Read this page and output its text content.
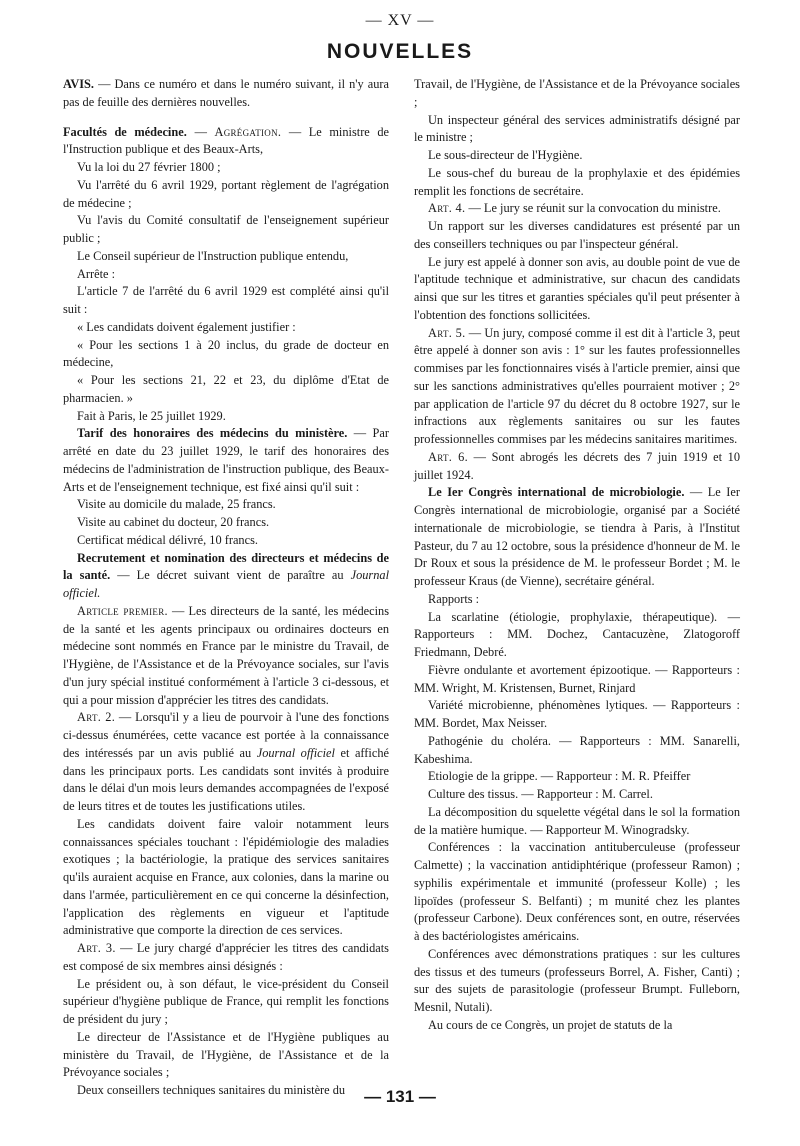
— XV —
NOUVELLES

AVIS. — Dans ce numéro et dans le numéro suivant, il n'y aura pas de feuille des dernières nouvelles.

Facultés de médecine. — Agrégation. — Le ministre de l'Instruction publique et des Beaux-Arts,

Vu la loi du 27 février 1800 ;

Vu l'arrêté du 6 avril 1929, portant règlement de l'agrégation de médecine ;

Vu l'avis du Comité consultatif de l'enseignement supérieur public ;

Le Conseil supérieur de l'Instruction publique entendu,

Arrête :

L'article 7 de l'arrêté du 6 avril 1929 est complété ainsi qu'il suit :

« Les candidats doivent également justifier :

« Pour les sections 1 à 20 inclus, du grade de docteur en médecine,

« Pour les sections 21, 22 et 23, du diplôme d'Etat de pharmacien. »

Fait à Paris, le 25 juillet 1929.

Tarif des honoraires des médecins du ministère. — Par arrêté en date du 23 juillet 1929, le tarif des honoraires des médecins de l'administration de l'instruction publique, des Beaux-Arts et de l'enseignement technique, est fixé ainsi qu'il suit :

Visite au domicile du malade, 25 francs.

Visite au cabinet du docteur, 20 francs.

Certificat médical délivré, 10 francs.

Recrutement et nomination des directeurs et médecins de la santé. — Le décret suivant vient de paraître au Journal officiel.

Article premier. — Les directeurs de la santé, les médecins de la santé et les agents principaux ou ordinaires docteurs en médecine sont nommés en France par le ministre du Travail, de l'Hygiène, de l'Assistance et de la Prévoyance sociales, sur l'avis d'un jury spécial institué conformément à l'article 3 ci-dessous, et qui a pour mission d'apprécier les titres des candidats.

Art. 2. — Lorsqu'il y a lieu de pourvoir à l'une des fonctions ci-dessus énumérées, cette vacance est portée à la connaissance des intéressés par un avis publié au Journal officiel et affiché dans les principaux ports. Les candidats sont invités à produire dans le délai d'un mois leurs demandes accompagnées de l'exposé de leurs titres et de toutes les justifications utiles.

Les candidats doivent faire valoir notamment leurs connaissances spéciales touchant : l'épidémiologie des maladies exotiques ; la bactériologie, la pratique des services sanitaires qu'ils auraient acquise en France, aux colonies, dans la marine ou dans l'armée, particulièrement en ce qui concerne la désinfection, l'application des règlements en vigueur et l'aptitude administrative que comporte la direction de ces services.

Art. 3. — Le jury chargé d'apprécier les titres des candidats est composé de six membres ainsi désignés :

Le président ou, à son défaut, le vice-président du Conseil supérieur d'hygiène publique de France, qui remplit les fonctions de président du jury ;

Le directeur de l'Assistance et de l'Hygiène publiques au ministère du Travail, de l'Hygiène, de l'Assistance et de la Prévoyance sociales ;

Deux conseillers techniques sanitaires du ministère du

Travail, de l'Hygiène, de l'Assistance et de la Prévoyance sociales ;

Un inspecteur général des services administratifs désigné par le ministre ;

Le sous-directeur de l'Hygiène.

Le sous-chef du bureau de la prophylaxie et des épidémies remplit les fonctions de secrétaire.

Art. 4. — Le jury se réunit sur la convocation du ministre.

Un rapport sur les diverses candidatures est présenté par un des conseillers techniques ou par l'inspecteur général.

Le jury est appelé à donner son avis, au double point de vue de l'aptitude technique et administrative, sur chacun des candidats ainsi que sur les titres et garanties spéciales qu'il peut présenter à l'obtention des fonctions sollicitées.

Art. 5. — Un jury, composé comme il est dit à l'article 3, peut être appelé à donner son avis : 1° sur les fautes professionnelles commises par les fonctionnaires visés à l'article premier, ainsi que sur les sanctions administratives qu'elles pourraient motiver ; 2° par application de l'article 97 du décret du 8 octobre 1927, sur le infractions aux règlements sanitaires ou sur les fautes professionnelles commises par les médecins sanitaires maritimes.

Art. 6. — Sont abrogés les décrets des 7 juin 1919 et 10 juillet 1924.

Le Ier Congrès international de microbiologie. — Le Ier Congrès international de microbiologie, organisé par a Société internationale de microbiologie, se tiendra à Paris, à l'Institut Pasteur, du 7 au 12 octobre, sous la présidence d'honneur de M. le Dr Roux et sous la présidence de M. le professeur Bordet ; M. le professeur Kraus (de Vienne), secrétaire général.

Rapports :

La scarlatine (étiologie, prophylaxie, thérapeutique). — Rapporteurs : MM. Dochez, Cantacuzène, Zlatogoroff Friedmann, Debré.

Fièvre ondulante et avortement épizootique. — Rapporteurs : MM. Wright, M. Kristensen, Burnet, Rinjard

Variété microbienne, phénomènes lytiques. — Rapporteurs : MM. Bordet, Max Neisser.

Pathogénie du choléra. — Rapporteurs : MM. Sanarelli, Kabeshima.

Etiologie de la grippe. — Rapporteur : M. R. Pfeiffer

Culture des tissus. — Rapporteur : M. Carrel.

La décomposition du squelette végétal dans le sol la formation de la matière humique. — Rapporteur M. Winogradsky.

Conférences : la vaccination antituberculeuse (professeur Calmette) ; la vaccination antidiphtérique (professeur Ramon) ; syphilis expérimentale et immunité (professeur Kolle) ; les lipoïdes (professeur S. Belfanti) ; m munité chez les plantes (professeur Carbone). Deux conférences sont, en outre, réservées à des bactériologistes américains.

Conférences avec démonstrations pratiques : sur les cultures des tissus et des tumeurs (professeurs Borrel, A. Fisher, Canti) ; sur des sujets de parasitologie (professeur Brumpt. Fulleborn, Mesnil, Nutali).

Au cours de ce Congrès, un projet de statuts de la

— 131 —
